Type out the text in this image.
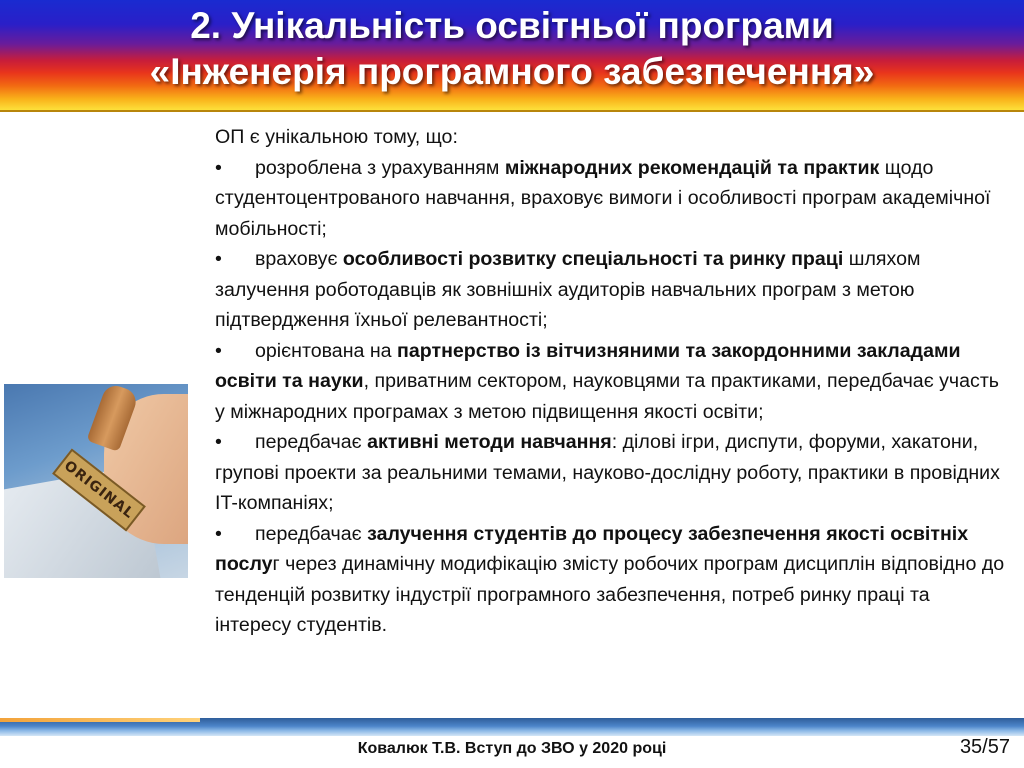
2. Унікальність освітньої програми
«Інженерія програмного забезпечення»
ORIGINAL

ОП є унікальною тому, що:

• розроблена з урахуванням міжнародних рекомендацій та практик щодо студентоцентрованого навчання, враховує вимоги і особливості програм академічної мобільності;

• враховує особливості розвитку спеціальності та ринку праці шляхом залучення роботодавців як зовнішніх аудиторів навчальних програм з метою підтвердження їхньої релевантності;

• орієнтована на партнерство із вітчизняними та закордонними закладами освіти та науки, приватним сектором, науковцями та практиками, передбачає участь у міжнародних програмах з метою підвищення якості освіти;

• передбачає активні методи навчання: ділові ігри, диспути, форуми, хакатони, групові проекти за реальними темами, науково-дослідну роботу, практики в провідних IT-компаніях;

• передбачає залучення студентів до процесу забезпечення якості освітніх послуг через динамічну модифікацію змісту робочих програм дисциплін відповідно до тенденцій розвитку індустрії програмного забезпечення, потреб ринку праці та інтересу студентів.

Ковалюк Т.В. Вступ до ЗВО у 2020 році	35/57
